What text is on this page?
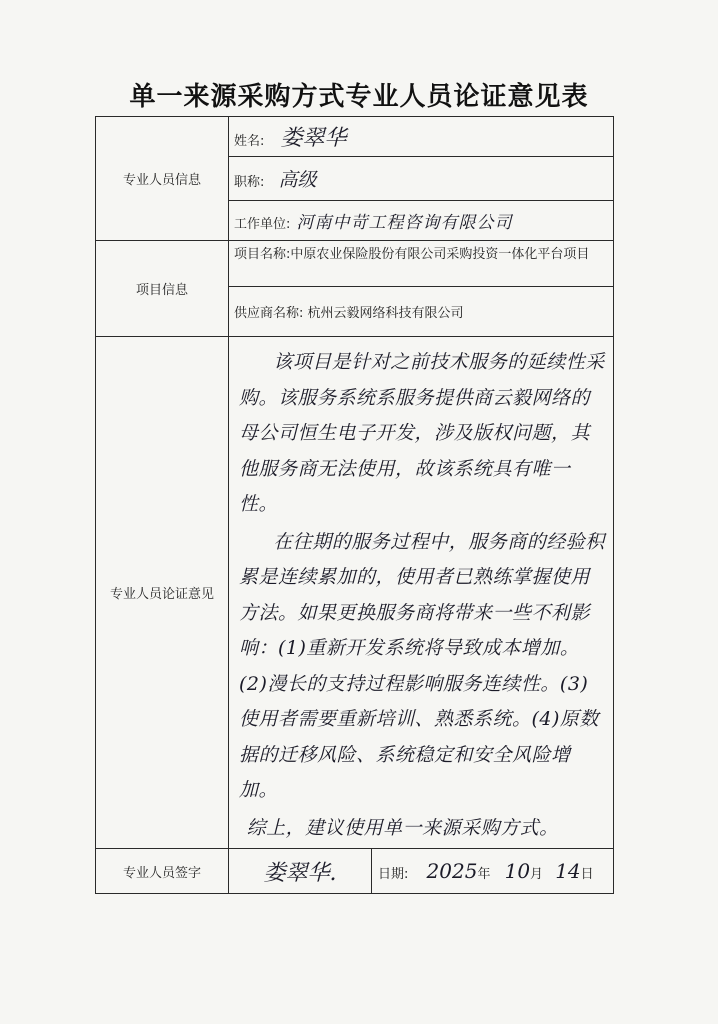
单一来源采购方式专业人员论证意见表
专业人员信息	姓名: 娄翠华	
	职称: 高级	
	工作单位: 河南中苛工程咨询有限公司	
项目信息	项目名称:中原农业保险股份有限公司采购投资一体化平台项目	
	供应商名称: 杭州云毅网络科技有限公司	
专业人员论证意见	该项目是针对之前技术服务的延续性采购。该服务系统系服务提供商云毅网络的母公司恒生电子开发，涉及版权问题，其他服务商无法使用，故该系统具有唯一性。

在往期的服务过程中，服务商的经验积累是连续累加的，使用者已熟练掌握使用方法。如果更换服务商将带来一些不利影响：(1)重新开发系统将导致成本增加。(2)漫长的支持过程影响服务连续性。(3)使用者需要重新培训、熟悉系统。(4)原数据的迁移风险、系统稳定和安全风险增加。

综上，建议使用单一来源采购方式。	

专业人员签字	娄翠华.	日期: 2025年 10月 14日
